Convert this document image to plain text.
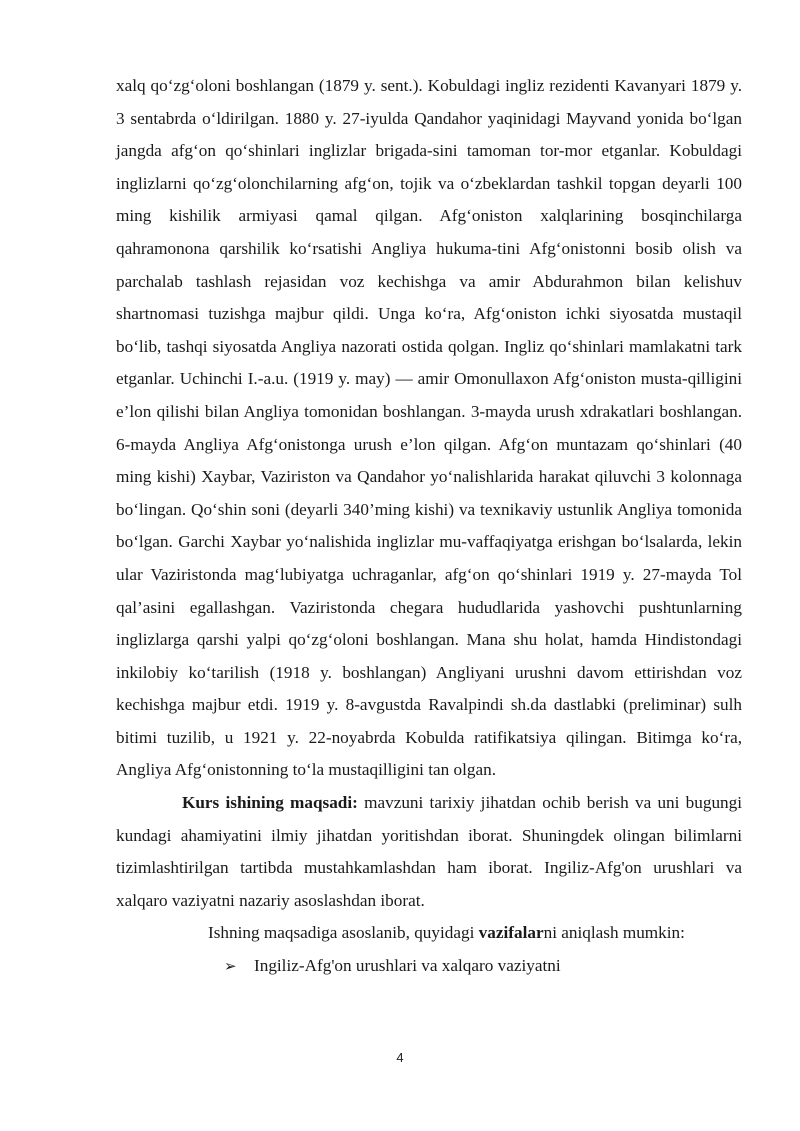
xalq qo‘zg‘oloni boshlangan (1879 y. sent.). Kobuldagi ingliz rezidenti Kavanyari 1879 y. 3 sentabrda o‘ldirilgan. 1880 y. 27-iyulda Qandahor yaqinidagi Mayvand yonida bo‘lgan jangda afg‘on qo‘shinlari inglizlar brigada-sini tamoman tor-mor etganlar. Kobuldagi inglizlarni qo‘zg‘olonchilarning afg‘on, tojik va o‘zbeklardan tashkil topgan deyarli 100 ming kishilik armiyasi qamal qilgan. Afg‘oniston xalqlarining bosqinchilarga qahramonona qarshilik ko‘rsatishi Angliya hukuma-tini Afg‘onistonni bosib olish va parchalab tashlash rejasidan voz kechishga va amir Abdurahmon bilan kelishuv shartnomasi tuzishga majbur qildi. Unga ko‘ra, Afg‘oniston ichki siyosatda mustaqil bo‘lib, tashqi siyosatda Angliya nazorati ostida qolgan. Ingliz qo‘shinlari mamlakatni tark etganlar. Uchinchi I.-a.u. (1919 y. may) — amir Omonullaxon Afg‘oniston musta-qilligini e’lon qilishi bilan Angliya tomonidan boshlangan. 3-mayda urush xdrakatlari boshlangan. 6-mayda Angliya Afg‘onistonga urush e’lon qilgan. Afg‘on muntazam qo‘shinlari (40 ming kishi) Xaybar, Vaziriston va Qandahor yo‘nalishlarida harakat qiluvchi 3 kolonnaga bo‘lingan. Qo‘shin soni (deyarli 340’ming kishi) va texnikaviy ustunlik Angliya tomonida bo‘lgan. Garchi Xaybar yo‘nalishida inglizlar mu-vaffaqiyatga erishgan bo‘lsalarda, lekin ular Vaziristonda mag‘lubiyatga uchraganlar, afg‘on qo‘shinlari 1919 y. 27-mayda Tol qal’asini egallashgan. Vaziristonda chegara hududlarida yashovchi pushtunlarning inglizlarga qarshi yalpi qo‘zg‘oloni boshlangan. Mana shu holat, hamda Hindistondagi inkilobiy ko‘tarilish (1918 y. boshlangan) Angliyani urushni davom ettirishdan voz kechishga majbur etdi. 1919 y. 8-avgustda Ravalpindi sh.da dastlabki (preliminar) sulh bitimi tuzilib, u 1921 y. 22-noyabrda Kobulda ratifikatsiya qilingan. Bitimga ko‘ra, Angliya Afg‘onistonning to‘la mustaqilligini tan olgan.

Kurs ishining maqsadi: mavzuni tarixiy jihatdan ochib berish va uni bugungi kundagi ahamiyatini ilmiy jihatdan yoritishdan iborat. Shuningdek olingan bilimlarni tizimlashtirilgan tartibda mustahkamlashdan ham iborat. Ingiliz-Afg'on urushlari va xalqaro vaziyatni nazariy asoslashdan iborat.

Ishning maqsadiga asoslanib, quyidagi vazifalarni aniqlash mumkin:

➢	Ingiliz-Afg'on urushlari va xalqaro vaziyatni
4
